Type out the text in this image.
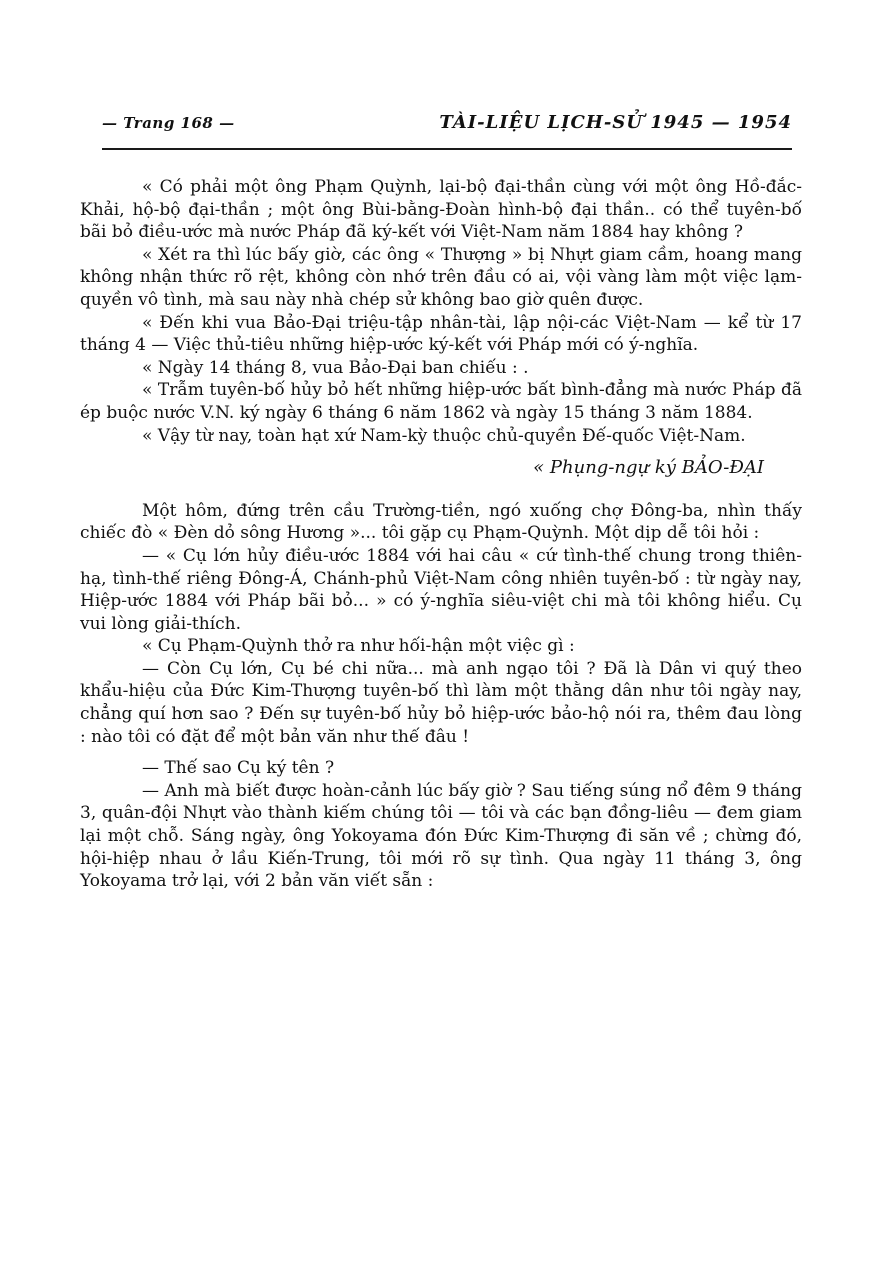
— Trang 168 —	TÀI-LIỆU LỊCH-SỬ 1945 — 1954

« Có phải một ông Phạm Quỳnh, lại-bộ đại-thần cùng với một ông Hồ-đắc-Khải, hộ-bộ đại-thần ; một ông Bùi-bằng-Đoàn hình-bộ đại thần.. có thể tuyên-bố bãi bỏ điều-ước mà nước Pháp đã ký-kết với Việt-Nam năm 1884 hay không ?

« Xét ra thì lúc bấy giờ, các ông « Thượng » bị Nhựt giam cầm, hoang mang không nhận thức rõ rệt, không còn nhớ trên đầu có ai, vội vàng làm một việc lạm-quyền vô tình, mà sau này nhà chép sử không bao giờ quên được.

« Đến khi vua Bảo-Đại triệu-tập nhân-tài, lập nội-các Việt-Nam — kể từ 17 tháng 4 — Việc thủ-tiêu những hiệp-ước ký-kết với Pháp mới có ý-nghĩa.

« Ngày 14 tháng 8, vua Bảo-Đại ban chiếu : .

« Trẫm tuyên-bố hủy bỏ hết những hiệp-ước bất bình-đẳng mà nước Pháp đã ép buộc nước V.N. ký ngày 6 tháng 6 năm 1862 và ngày 15 tháng 3 năm 1884.

« Vậy từ nay, toàn hạt xứ Nam-kỳ thuộc chủ-quyền Đế-quốc Việt-Nam.

« Phụng-ngự ký BẢO-ĐẠI

Một hôm, đứng trên cầu Trường-tiền, ngó xuống chợ Đông-ba, nhìn thấy chiếc đò « Đèn dỏ sông Hương »... tôi gặp cụ Phạm-Quỳnh. Một dịp dễ tôi hỏi :

— « Cụ lớn hủy điều-ước 1884 với hai câu « cứ tình-thế chung trong thiên-hạ, tình-thế riêng Đông-Á, Chánh-phủ Việt-Nam công nhiên tuyên-bố : từ ngày nay, Hiệp-ước 1884 với Pháp bãi bỏ... » có ý-nghĩa siêu-việt chi mà tôi không hiểu. Cụ vui lòng giải-thích.

« Cụ Phạm-Quỳnh thở ra như hối-hận một việc gì :

— Còn Cụ lớn, Cụ bé chi nữa... mà anh ngạo tôi ? Đã là Dân vi quý theo khẩu-hiệu của Đức Kim-Thượng tuyên-bố thì làm một thằng dân như tôi ngày nay, chẳng quí hơn sao ? Đến sự tuyên-bố hủy bỏ hiệp-ước bảo-hộ nói ra, thêm đau lòng : nào tôi có đặt để một bản văn như thế đâu !

— Thế sao Cụ ký tên ?

— Anh mà biết được hoàn-cảnh lúc bấy giờ ? Sau tiếng súng nổ đêm 9 tháng 3, quân-đội Nhựt vào thành kiếm chúng tôi — tôi và các bạn đồng-liêu — đem giam lại một chỗ. Sáng ngày, ông Yokoyama đón Đức Kim-Thượng đi săn về ; chừng đó, hội-hiệp nhau ở lầu Kiến-Trung, tôi mới rõ sự tình. Qua ngày 11 tháng 3, ông Yokoyama trở lại, với 2 bản văn viết sẵn :
